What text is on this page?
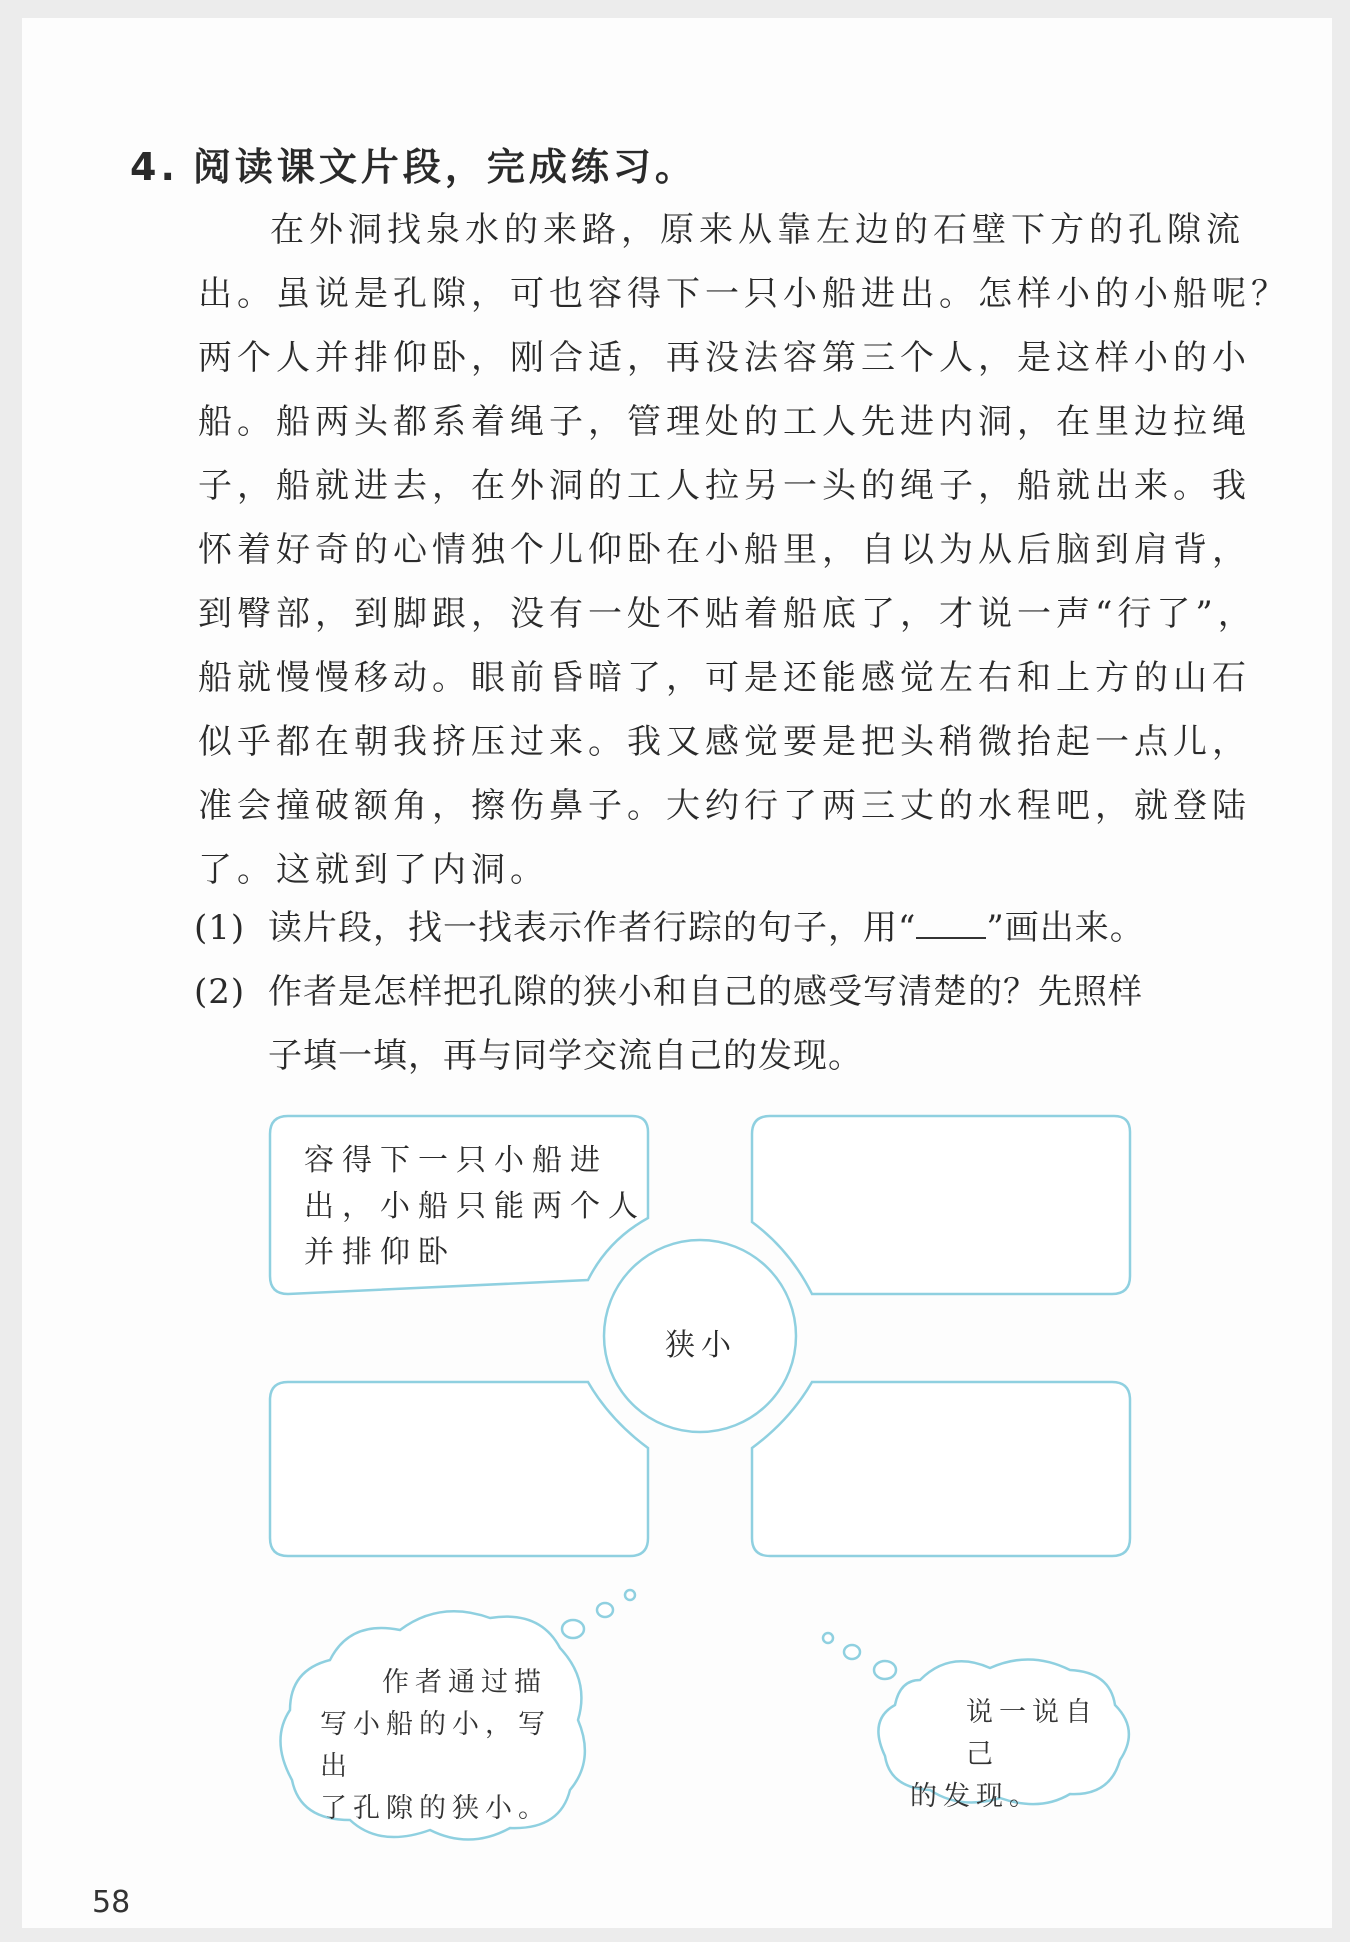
4. 阅读课文片段，完成练习。
在外洞找泉水的来路，原来从靠左边的石壁下方的孔隙流
出。虽说是孔隙，可也容得下一只小船进出。怎样小的小船呢？
两个人并排仰卧，刚合适，再没法容第三个人，是这样小的小
船。船两头都系着绳子，管理处的工人先进内洞，在里边拉绳
子，船就进去，在外洞的工人拉另一头的绳子，船就出来。我
怀着好奇的心情独个儿仰卧在小船里，自以为从后脑到肩背，
到臀部，到脚跟，没有一处不贴着船底了，才说一声“行了”，
船就慢慢移动。眼前昏暗了，可是还能感觉左右和上方的山石
似乎都在朝我挤压过来。我又感觉要是把头稍微抬起一点儿，
准会撞破额角，擦伤鼻子。大约行了两三丈的水程吧，就登陆
了。这就到了内洞。
(1) 读片段，找一找表示作者行踪的句子，用“ ”画出来。
(2) 作者是怎样把孔隙的狭小和自己的感受写清楚的？先照样
子填一填，再与同学交流自己的发现。
容得下一只小船进
出，小船只能两个人
并排仰卧
狭小
作者通过描
写小船的小，写出
了孔隙的狭小。
说一说自己
的发现。
58
